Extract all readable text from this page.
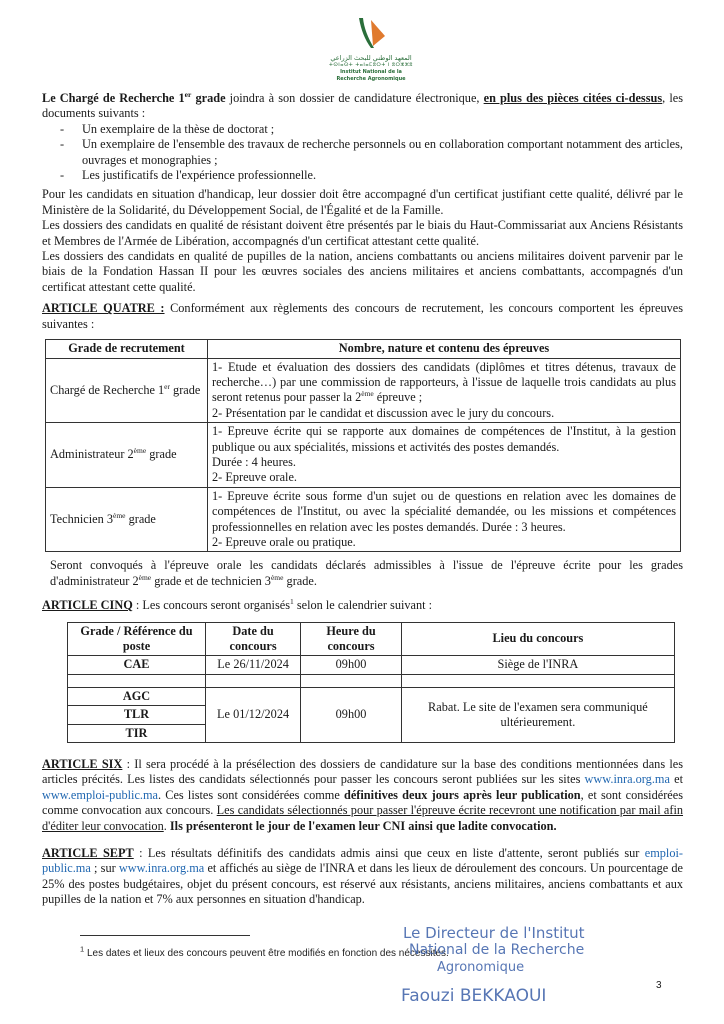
المعهد الوطني للبحث الزراعي
ⵜⵙⵏⴰⵙⵜ ⵜⴰⵏⴰⵎⵓⵔⵜ ⵏ ⵓⵔⵣⵣⵓ
Institut National de la Recherche Agronomique

Le Chargé de Recherche 1er grade joindra à son dossier de candidature électronique, en plus des pièces citées ci-dessus, les documents suivants :

- Un exemplaire de la thèse de doctorat ;
- Un exemplaire de l'ensemble des travaux de recherche personnels ou en collaboration comportant notamment des articles, ouvrages et monographies ;
- Les justificatifs de l'expérience professionnelle.

Pour les candidats en situation d'handicap, leur dossier doit être accompagné d'un certificat justifiant cette qualité, délivré par le Ministère de la Solidarité, du Développement Social, de l'Égalité et de la Famille.

Les dossiers des candidats en qualité de résistant doivent être présentés par le biais du Haut-Commissariat aux Anciens Résistants et Membres de l'Armée de Libération, accompagnés d'un certificat attestant cette qualité.

Les dossiers des candidats en qualité de pupilles de la nation, anciens combattants ou anciens militaires doivent parvenir par le biais de la Fondation Hassan II pour les œuvres sociales des anciens militaires et anciens combattants, accompagnés d'un certificat attestant cette qualité.

ARTICLE QUATRE : Conformément aux règlements des concours de recrutement, les concours comportent les épreuves suivantes :

Grade de recrutement	Nombre, nature et contenu des épreuves
Chargé de Recherche 1er grade	1- Etude et évaluation des dossiers des candidats (diplômes et titres détenus, travaux de recherche…) par une commission de rapporteurs, à l'issue de laquelle trois candidats au plus seront retenus pour passer la 2ème épreuve ;
2- Présentation par le candidat et discussion avec le jury du concours.

Administrateur 2ème grade	1- Epreuve écrite qui se rapporte aux domaines de compétences de l'Institut, à la gestion publique ou aux spécialités, missions et activités des postes demandés.
Durée : 4 heures.
2- Epreuve orale.

Technicien 3ème grade	1- Epreuve écrite sous forme d'un sujet ou de questions en relation avec les domaines de compétences de l'Institut, ou avec la spécialité demandée, ou les missions et compétences professionnelles en relation avec les postes demandés. Durée : 3 heures.
2- Epreuve orale ou pratique.

Seront convoqués à l'épreuve orale les candidats déclarés admissibles à l'issue de l'épreuve écrite pour les grades d'administrateur 2ème grade et de technicien 3ème grade.

ARTICLE CINQ : Les concours seront organisés$^1$ selon le calendrier suivant :

Grade / Référence du poste	Date du concours	Heure du concours	Lieu du concours
CAE	Le 26/11/2024	09h00	Siège de l'INRA

AGC	Le 01/12/2024	09h00	Rabat. Le site de l'examen sera communiqué ultérieurement.
TLR			
TIR			

ARTICLE SIX : Il sera procédé à la présélection des dossiers de candidature sur la base des conditions mentionnées dans les articles précités. Les listes des candidats sélectionnés pour passer les concours seront publiées sur les sites www.inra.org.ma et www.emploi-public.ma. Ces listes sont considérées comme définitives deux jours après leur publication, et sont considérées comme convocation aux concours. Les candidats sélectionnés pour passer l'épreuve écrite recevront une notification par mail afin d'éditer leur convocation. Ils présenteront le jour de l'examen leur CNI ainsi que ladite convocation.

ARTICLE SEPT : Les résultats définitifs des candidats admis ainsi que ceux en liste d'attente, seront publiés sur emploi-public.ma ; sur www.inra.org.ma et affichés au siège de l'INRA et dans les lieux de déroulement des concours. Un pourcentage de 25% des postes budgétaires, objet du présent concours, est réservé aux résistants, anciens militaires, anciens combattants et aux pupilles de la nation et 7% aux personnes en situation d'handicap.

$^1$ Les dates et lieux des concours peuvent être modifiés en fonction des nécessités.
Le Directeur de l'Institut
National de la Recherche
Agronomique
Faouzi BEKKAOUI
3
